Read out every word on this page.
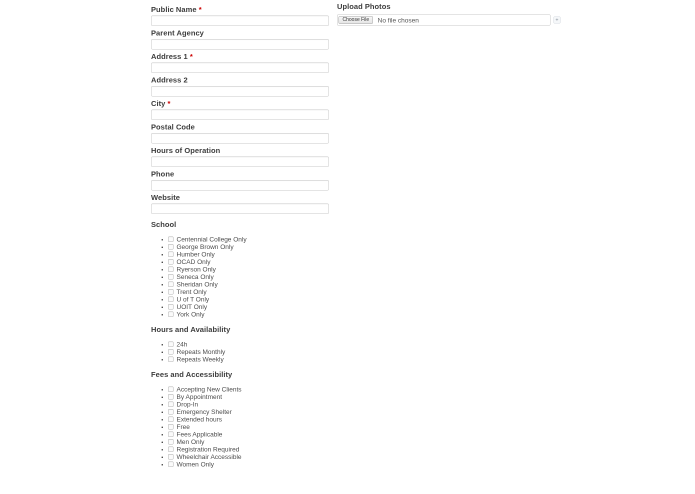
Public Name *
Parent Agency
Address 1 *
Address 2
City *
Postal Code
Hours of Operation
Phone
Website
School
• Centennial College Only
• George Brown Only
• Humber Only
• OCAD Only
• Ryerson Only
• Seneca Only
• Sheridan Only
• Trent Only
• U of T Only
• UOIT Only
• York Only
Hours and Availability
• 24h
• Repeats Monthly
• Repeats Weekly
Fees and Accessibility
• Accepting New Clients
• By Appointment
• Drop-In
• Emergency Shelter
• Extended hours
• Free
• Fees Applicable
• Men Only
• Registration Required
• Wheelchair Accessible
• Women Only
Upload Photos
Choose File No file chosen	+
